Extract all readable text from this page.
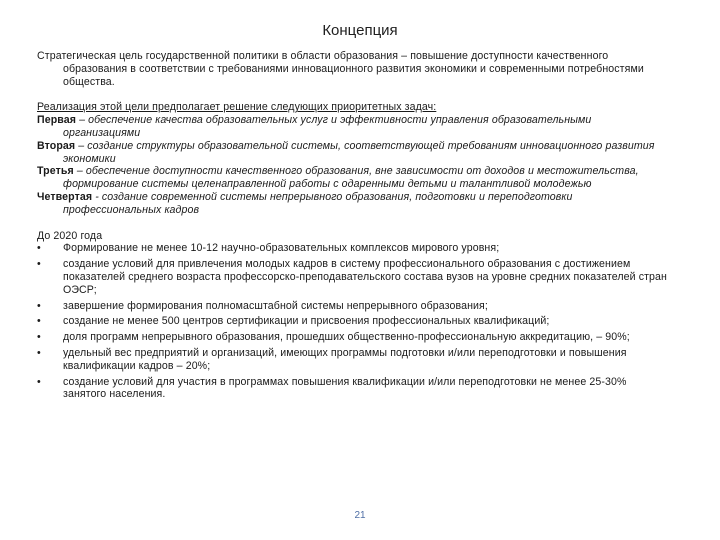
Концепция

Стратегическая цель государственной политики в области образования – повышение доступности качественного образования в соответствии с требованиями инновационного развития экономики и современными потребностями общества.

Реализация этой цели предполагает решение следующих приоритетных задач:

Первая – обеспечение качества образовательных услуг и эффективности управления образовательными организациями

Вторая – создание структуры образовательной системы, соответствующей требованиям инновационного развития экономики

Третья – обеспечение доступности качественного образования, вне зависимости от доходов и местожительства, формирование системы целенаправленной работы с одаренными детьми и талантливой молодежью

Четвертая - создание современной системы непрерывного образования, подготовки и переподготовки профессиональных кадров

До 2020 года

• Формирование не менее 10-12 научно-образовательных комплексов мирового уровня;
• создание условий для привлечения молодых кадров в систему профессионального образования с достижением показателей среднего возраста профессорско-преподавательского состава вузов на уровне средних показателей стран ОЭСР;
• завершение формирования полномасштабной системы непрерывного образования;
• создание не менее 500 центров сертификации и присвоения профессиональных квалификаций;
• доля программ непрерывного образования, прошедших общественно-профессиональную аккредитацию, – 90%;
• удельный вес предприятий и организаций, имеющих программы подготовки и/или переподготовки и повышения квалификации кадров – 20%;
• создание условий для участия в программах повышения квалификации и/или переподготовки не менее 25-30% занятого населения.
21
